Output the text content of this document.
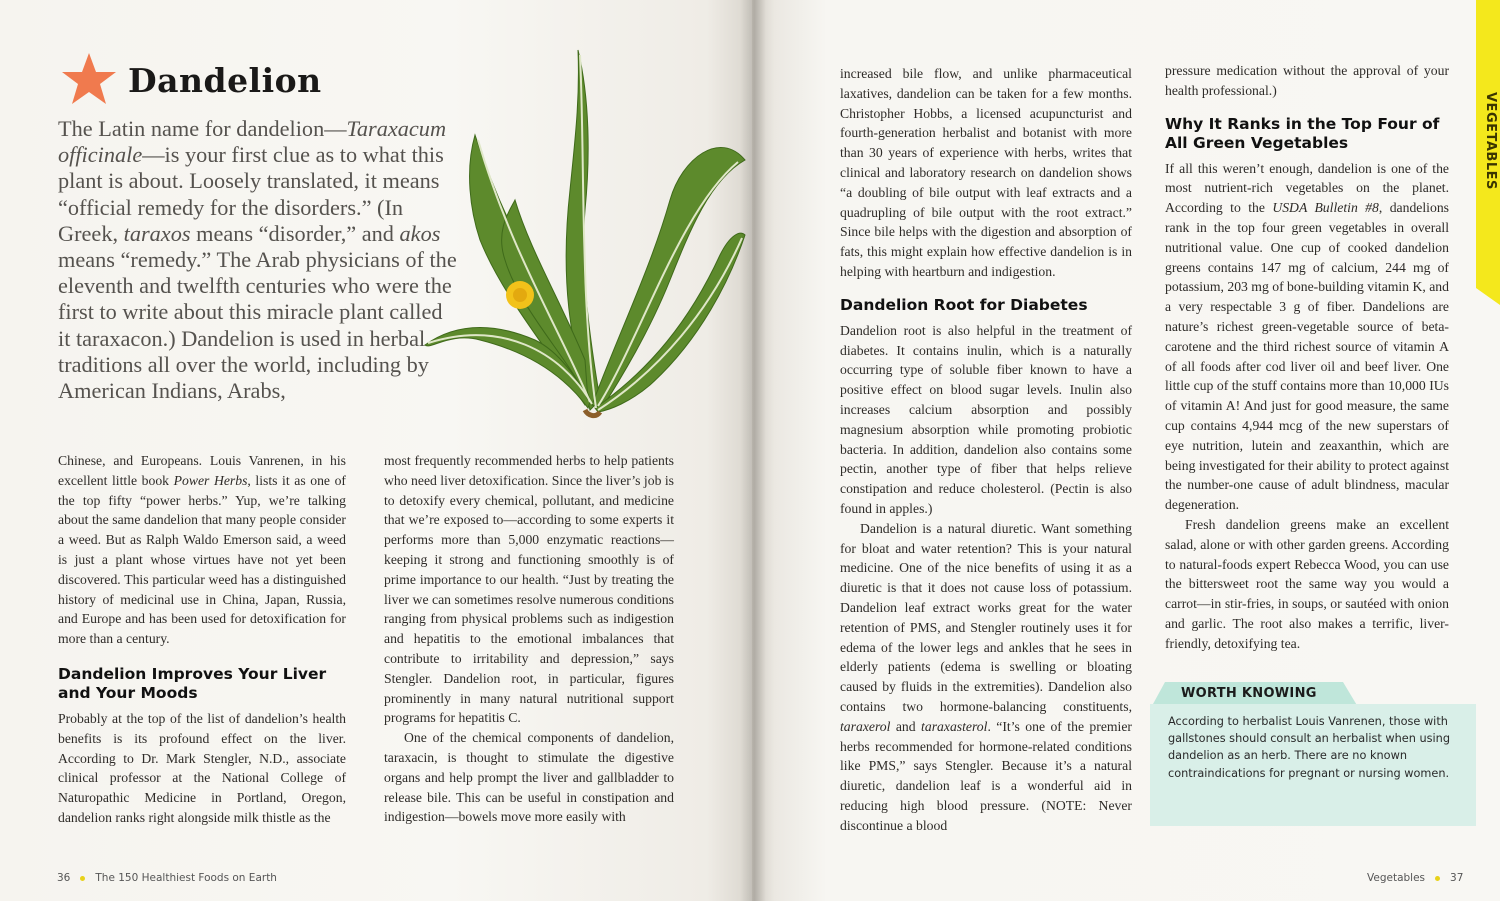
Dandelion

The Latin name for dandelion—Taraxacum officinale—is your first clue as to what this plant is about. Loosely translated, it means “official remedy for the disorders.” (In Greek, taraxos means “disorder,” and akos means “remedy.” The Arab physicians of the eleventh and twelfth centuries who were the first to write about this miracle plant called it taraxacon.) Dandelion is used in herbal traditions all over the world, including by American Indians, Arabs,

Chinese, and Europeans. Louis Vanrenen, in his excellent little book Power Herbs, lists it as one of the top fifty “power herbs.” Yup, we’re talking about the same dandelion that many people consider a weed. But as Ralph Waldo Emerson said, a weed is just a plant whose virtues have not yet been discovered. This particular weed has a distinguished history of medicinal use in China, Japan, Russia, and Europe and has been used for detoxification for more than a century.

Dandelion Improves Your Liver and Your Moods

Probably at the top of the list of dandelion’s health benefits is its profound effect on the liver. According to Dr. Mark Stengler, N.D., associate clinical professor at the National College of Naturopathic Medicine in Portland, Oregon, dandelion ranks right alongside milk thistle as the

most frequently recommended herbs to help patients who need liver detoxification. Since the liver’s job is to detoxify every chemical, pollutant, and medicine that we’re exposed to—according to some experts it performs more than 5,000 enzymatic reactions—keeping it strong and functioning smoothly is of prime importance to our health. “Just by treating the liver we can sometimes resolve numerous conditions ranging from physical problems such as indigestion and hepatitis to the emotional imbalances that contribute to irritability and depression,” says Stengler. Dandelion root, in particular, figures prominently in many natural nutritional support programs for hepatitis C.

One of the chemical components of dandelion, taraxacin, is thought to stimulate the digestive organs and help prompt the liver and gallbladder to release bile. This can be useful in constipation and indigestion—bowels move more easily with

36 The 150 Healthiest Foods on Earth

increased bile flow, and unlike pharmaceutical laxatives, dandelion can be taken for a few months. Christopher Hobbs, a licensed acupuncturist and fourth-generation herbalist and botanist with more than 30 years of experience with herbs, writes that clinical and laboratory research on dandelion shows “a doubling of bile output with leaf extracts and a quadrupling of bile output with the root extract.” Since bile helps with the digestion and absorption of fats, this might explain how effective dandelion is in helping with heartburn and indigestion.

Dandelion Root for Diabetes

Dandelion root is also helpful in the treatment of diabetes. It contains inulin, which is a naturally occurring type of soluble fiber known to have a positive effect on blood sugar levels. Inulin also increases calcium absorption and possibly magnesium absorption while promoting probiotic bacteria. In addition, dandelion also contains some pectin, another type of fiber that helps relieve constipation and reduce cholesterol. (Pectin is also found in apples.)

Dandelion is a natural diuretic. Want something for bloat and water retention? This is your natural medicine. One of the nice benefits of using it as a diuretic is that it does not cause loss of potassium. Dandelion leaf extract works great for the water retention of PMS, and Stengler routinely uses it for edema of the lower legs and ankles that he sees in elderly patients (edema is swelling or bloating caused by fluids in the extremities). Dandelion also contains two hormone-balancing constituents, taraxerol and taraxasterol. “It’s one of the premier herbs recommended for hormone-related conditions like PMS,” says Stengler. Because it’s a natural diuretic, dandelion leaf is a wonderful aid in reducing high blood pressure. (NOTE: Never discontinue a blood

pressure medication without the approval of your health professional.)

Why It Ranks in the Top Four of All Green Vegetables

If all this weren’t enough, dandelion is one of the most nutrient-rich vegetables on the planet. According to the USDA Bulletin #8, dandelions rank in the top four green vegetables in overall nutritional value. One cup of cooked dandelion greens contains 147 mg of calcium, 244 mg of potassium, 203 mg of bone-building vitamin K, and a very respectable 3 g of fiber. Dandelions are nature’s richest green-vegetable source of beta-carotene and the third richest source of vitamin A of all foods after cod liver oil and beef liver. One little cup of the stuff contains more than 10,000 IUs of vitamin A! And just for good measure, the same cup contains 4,944 mcg of the new superstars of eye nutrition, lutein and zeaxanthin, which are being investigated for their ability to protect against the number-one cause of adult blindness, macular degeneration.

Fresh dandelion greens make an excellent salad, alone or with other garden greens. According to natural-foods expert Rebecca Wood, you can use the bittersweet root the same way you would a carrot—in stir-fries, in soups, or sautéed with onion and garlic. The root also makes a terrific, liver-friendly, detoxifying tea.

WORTH KNOWING
According to herbalist Louis Vanrenen, those with gallstones should consult an herbalist when using dandelion as an herb. There are no known contraindications for pregnant or nursing women.
Vegetables 37
VEGETABLES
